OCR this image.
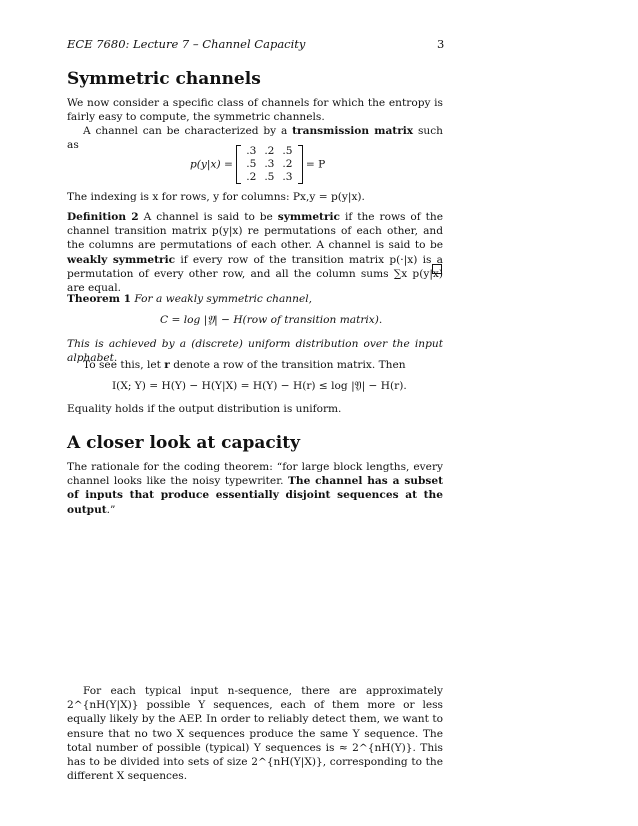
ECE 7680: Lecture 7 – Channel Capacity	3
Symmetric channels

We now consider a specific class of channels for which the entropy is fairly easy to compute, the symmetric channels.

A channel can be characterized by a transmission matrix such as

p(y|x) =
.3	.2	.5
.5	.3	.2
.2	.5	.3
= P

The indexing is x for rows, y for columns: Px,y = p(y|x).

Definition 2 A channel is said to be symmetric if the rows of the channel transition matrix p(y|x) re permutations of each other, and the columns are permutations of each other. A channel is said to be weakly symmetric if every row of the transition matrix p(·|x) is a permutation of every other row, and all the column sums ∑x p(y|x) are equal.

Theorem 1 For a weakly symmetric channel,

C = log |𝔜| − H(row of transition matrix).

This is achieved by a (discrete) uniform distribution over the input alphabet.

To see this, let r denote a row of the transition matrix. Then

I(X; Y) = H(Y) − H(Y|X) = H(Y) − H(r) ≤ log |𝔜| − H(r).

Equality holds if the output distribution is uniform.

A closer look at capacity

The rationale for the coding theorem: “for large block lengths, every channel looks like the noisy typewriter. The channel has a subset of inputs that produce essentially disjoint sequences at the output.”

For each typical input n-sequence, there are approximately 2^{nH(Y|X)} possible Y sequences, each of them more or less equally likely by the AEP. In order to reliably detect them, we want to ensure that no two X sequences produce the same Y sequence. The total number of possible (typical) Y sequences is ≈ 2^{nH(Y)}. This has to be divided into sets of size 2^{nH(Y|X)}, corresponding to the different X sequences.
